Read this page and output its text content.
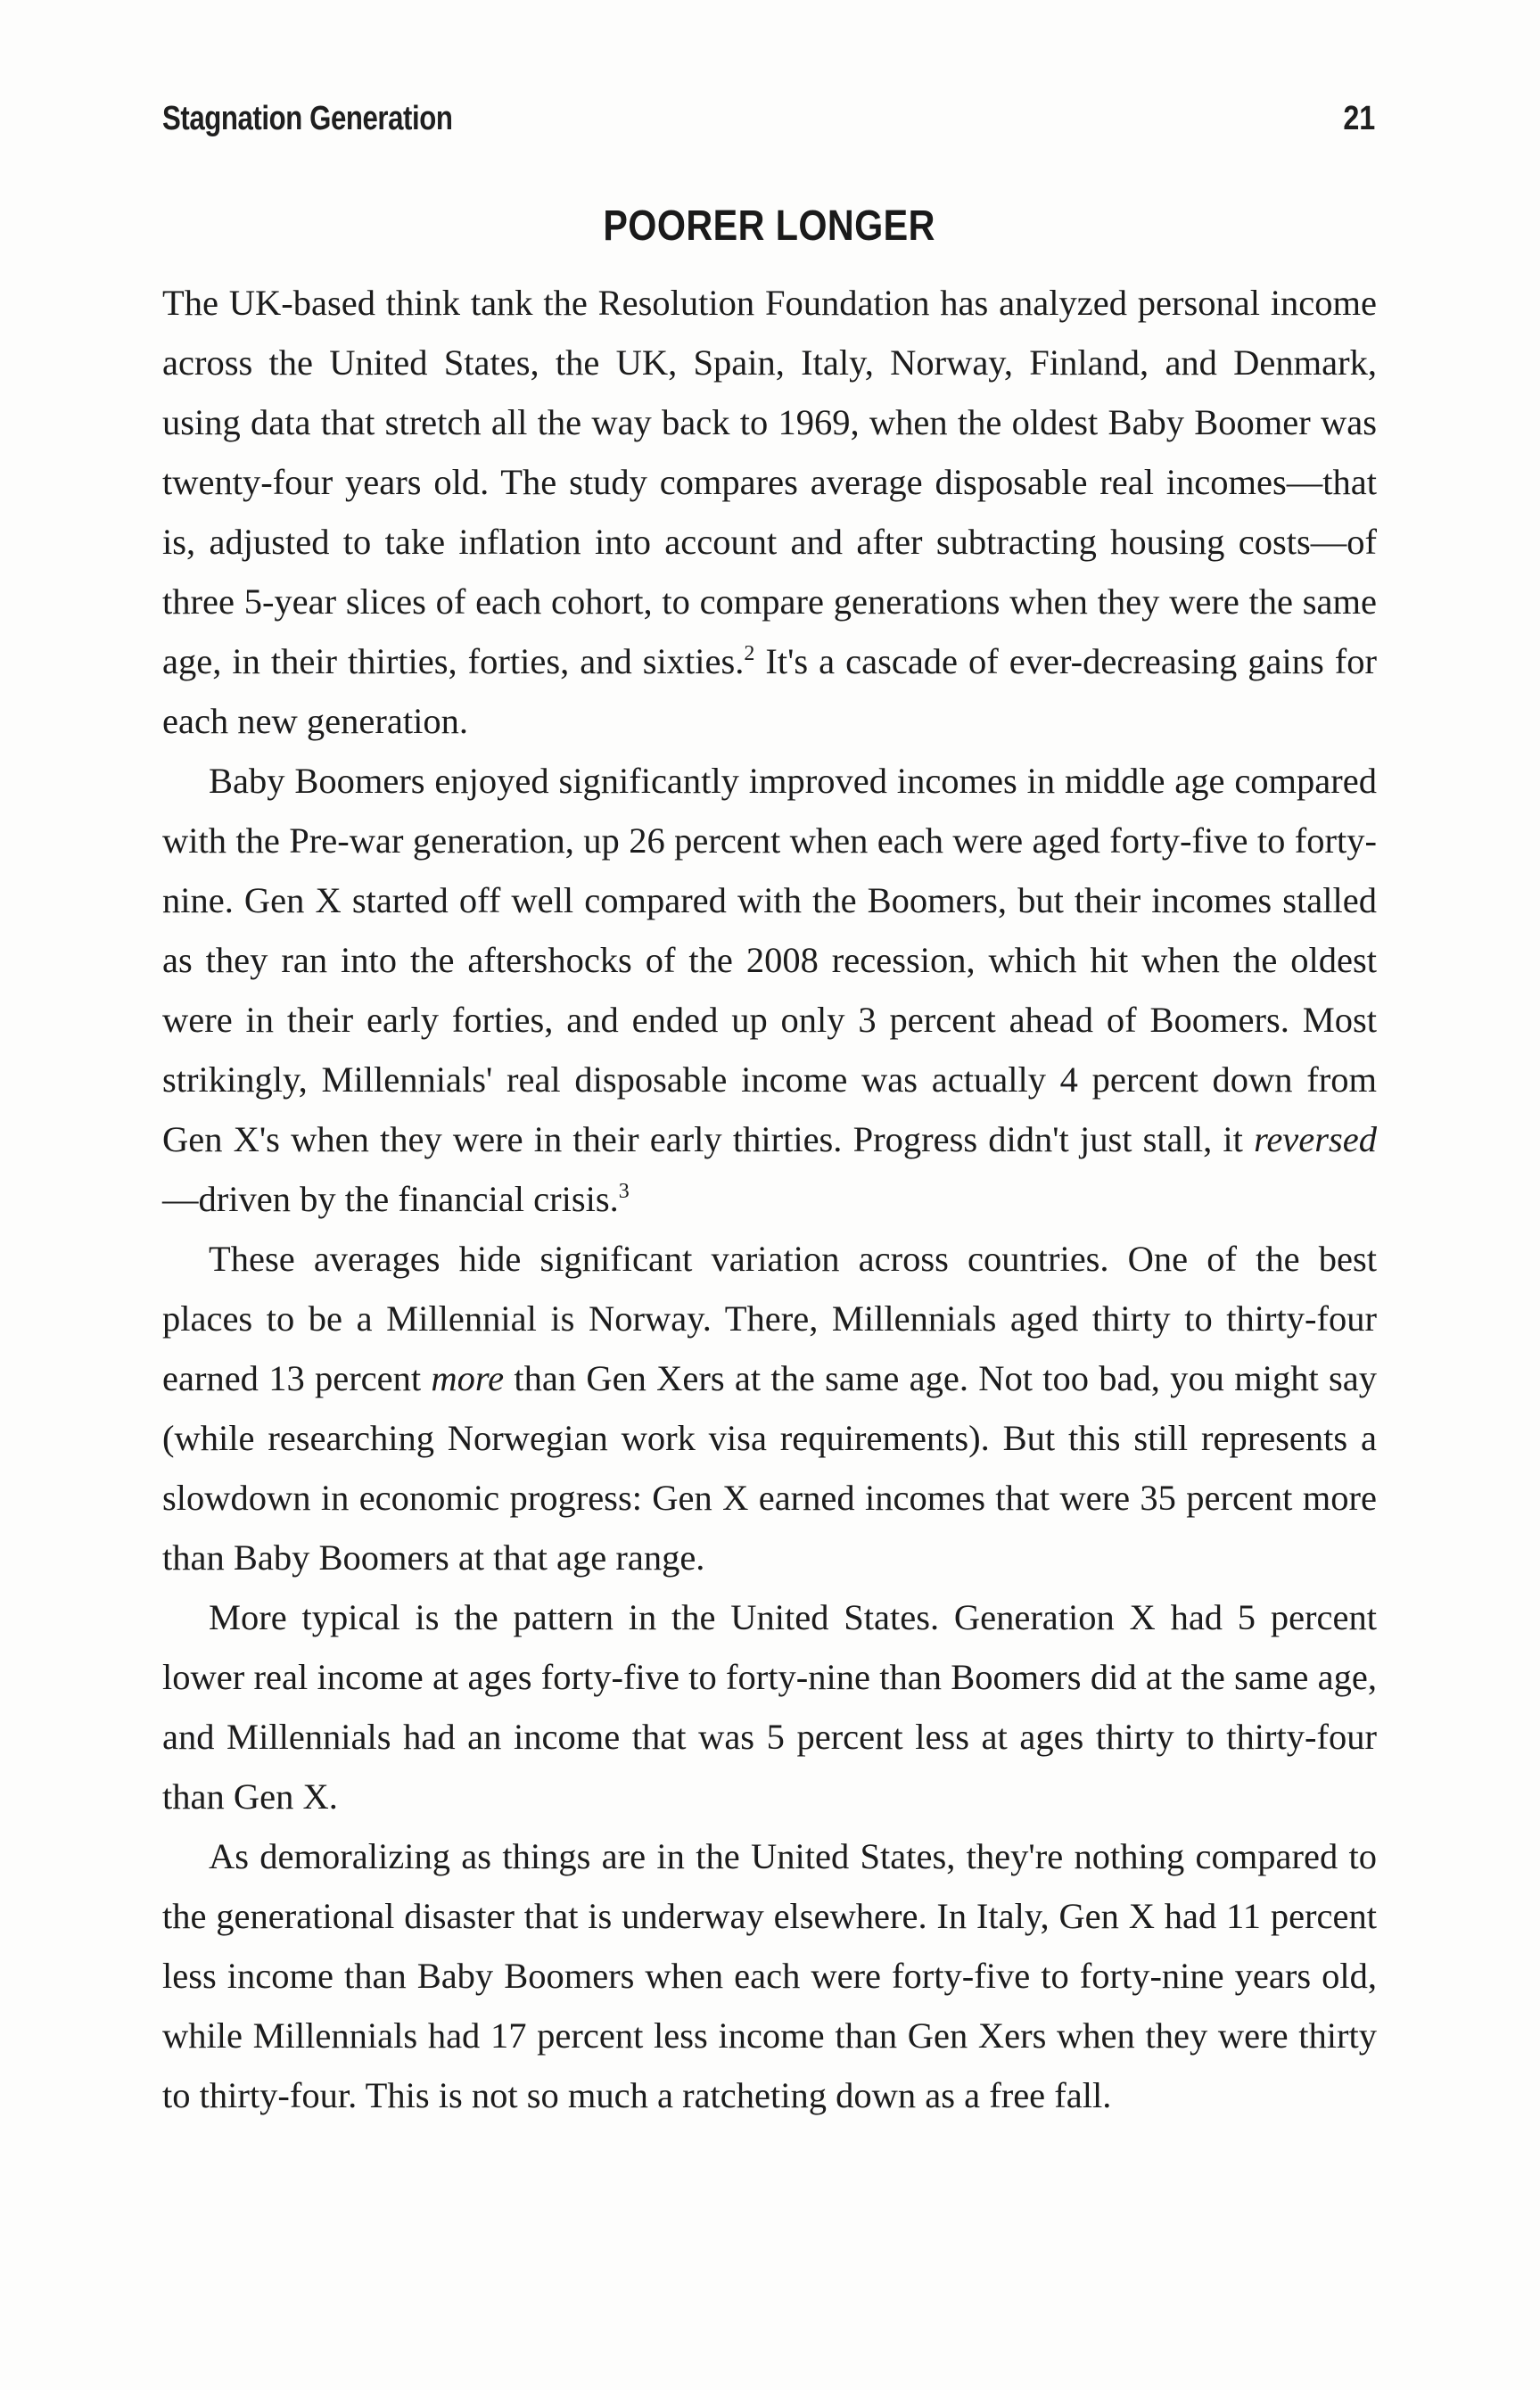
Stagnation Generation	21
POORER LONGER

The UK-based think tank the Resolution Foundation has analyzed personal income across the United States, the UK, Spain, Italy, Norway, Finland, and Denmark, using data that stretch all the way back to 1969, when the oldest Baby Boomer was twenty-four years old. The study compares average disposable real incomes—that is, adjusted to take inflation into account and after subtracting housing costs—of three 5-year slices of each cohort, to compare generations when they were the same age, in their thirties, forties, and sixties.$^2$ It's a cascade of ever-decreasing gains for each new generation.

Baby Boomers enjoyed significantly improved incomes in middle age compared with the Pre-war generation, up 26 percent when each were aged forty-five to forty-nine. Gen X started off well compared with the Boomers, but their incomes stalled as they ran into the aftershocks of the 2008 recession, which hit when the oldest were in their early forties, and ended up only 3 percent ahead of Boomers. Most strikingly, Millennials' real disposable income was actually 4 percent down from Gen X's when they were in their early thirties. Progress didn't just stall, it reversed—driven by the financial crisis.$^3$

These averages hide significant variation across countries. One of the best places to be a Millennial is Norway. There, Millennials aged thirty to thirty-four earned 13 percent more than Gen Xers at the same age. Not too bad, you might say (while researching Norwegian work visa requirements). But this still represents a slowdown in economic progress: Gen X earned incomes that were 35 percent more than Baby Boomers at that age range.

More typical is the pattern in the United States. Generation X had 5 percent lower real income at ages forty-five to forty-nine than Boomers did at the same age, and Millennials had an income that was 5 percent less at ages thirty to thirty-four than Gen X.

As demoralizing as things are in the United States, they're nothing compared to the generational disaster that is underway elsewhere. In Italy, Gen X had 11 percent less income than Baby Boomers when each were forty-five to forty-nine years old, while Millennials had 17 percent less income than Gen Xers when they were thirty to thirty-four. This is not so much a ratcheting down as a free fall.
